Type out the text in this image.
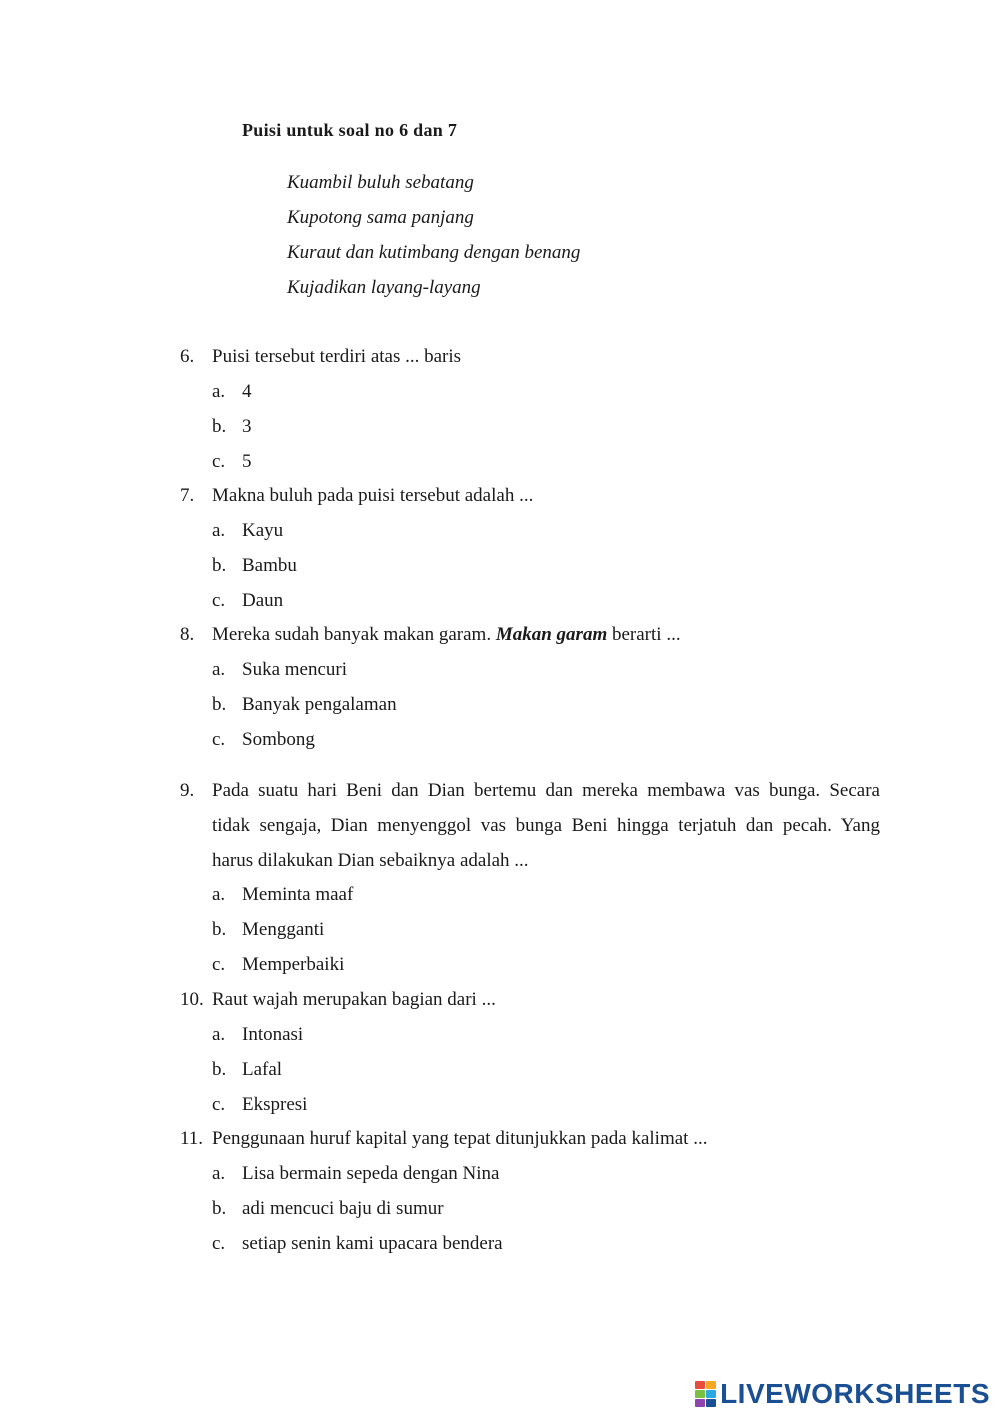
Puisi untuk soal no 6 dan 7
Kuambil buluh sebatang
Kupotong sama panjang
Kuraut dan kutimbang dengan benang
Kujadikan layang-layang
6. Puisi tersebut terdiri atas ... baris
a. 4
b. 3
c. 5
7. Makna buluh pada puisi tersebut adalah ...
a. Kayu
b. Bambu
c. Daun
8. Mereka sudah banyak makan garam. Makan garam berarti ...
a. Suka mencuri
b. Banyak pengalaman
c. Sombong
9. Pada suatu hari Beni dan Dian bertemu dan mereka membawa vas bunga. Secara
tidak sengaja, Dian menyenggol vas bunga Beni hingga terjatuh dan pecah. Yang
harus dilakukan Dian sebaiknya adalah ...
a. Meminta maaf
b. Mengganti
c. Memperbaiki
10. Raut wajah merupakan bagian dari ...
a. Intonasi
b. Lafal
c. Ekspresi
11. Penggunaan huruf kapital yang tepat ditunjukkan pada kalimat ...
a. Lisa bermain sepeda dengan Nina
b. adi mencuci baju di sumur
c. setiap senin kami upacara bendera
LIVEWORKSHEETS
